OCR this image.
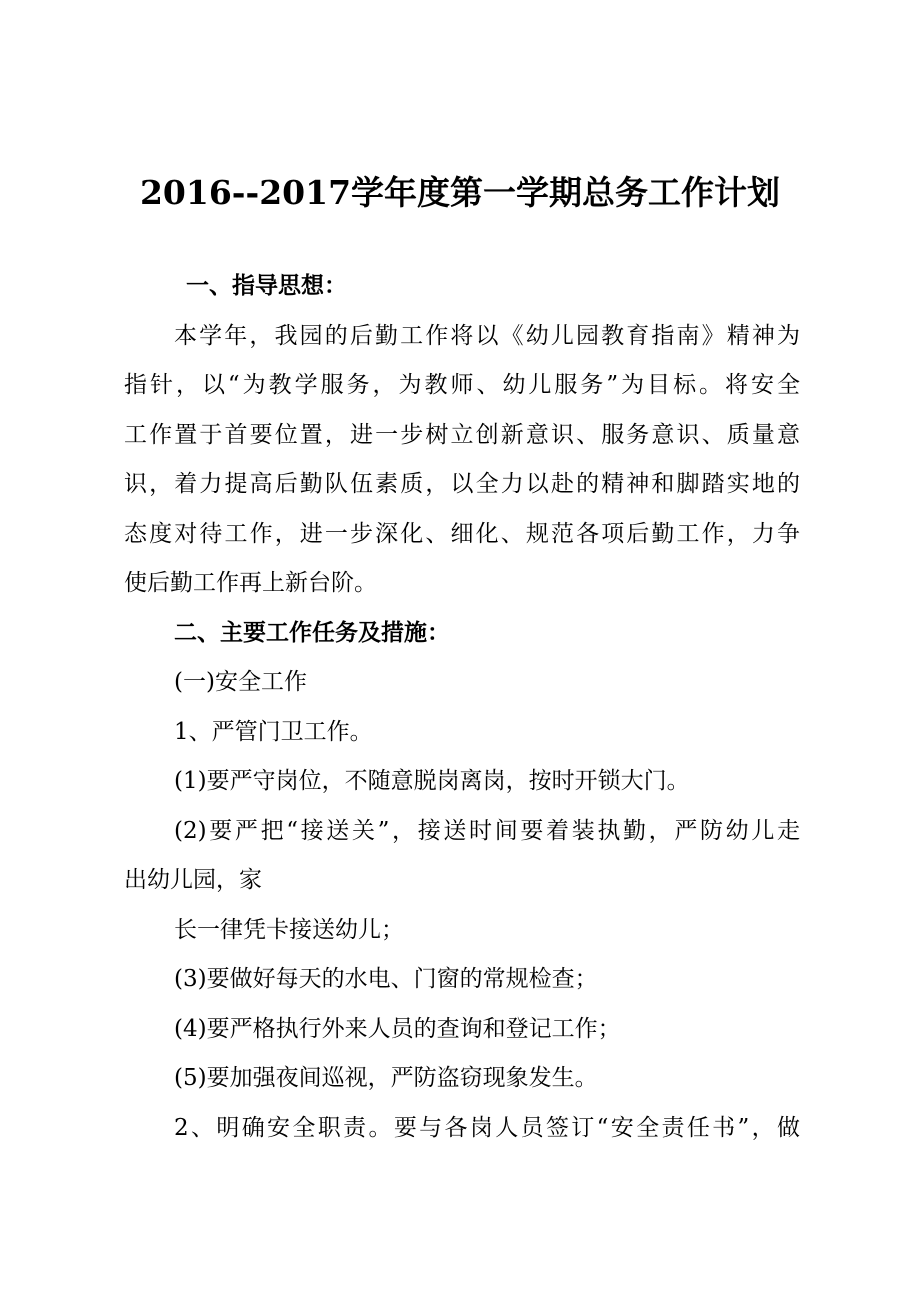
2016--2017学年度第一学期总务工作计划
一、指导思想：
本学年，我园的后勤工作将以《幼儿园教育指南》精神为
指针，以“为教学服务，为教师、幼儿服务”为目标。将安全
工作置于首要位置，进一步树立创新意识、服务意识、质量意
识，着力提高后勤队伍素质，以全力以赴的精神和脚踏实地的
态度对待工作，进一步深化、细化、规范各项后勤工作，力争
使后勤工作再上新台阶。
二、主要工作任务及措施：
(一)安全工作
1、严管门卫工作。
(1)要严守岗位，不随意脱岗离岗，按时开锁大门。
(2)要严把“接送关”，接送时间要着装执勤，严防幼儿走
出幼儿园，家
长一律凭卡接送幼儿；
(3)要做好每天的水电、门窗的常规检查；
(4)要严格执行外来人员的查询和登记工作；
(5)要加强夜间巡视，严防盗窃现象发生。
2、明确安全职责。要与各岗人员签订“安全责任书”，做
